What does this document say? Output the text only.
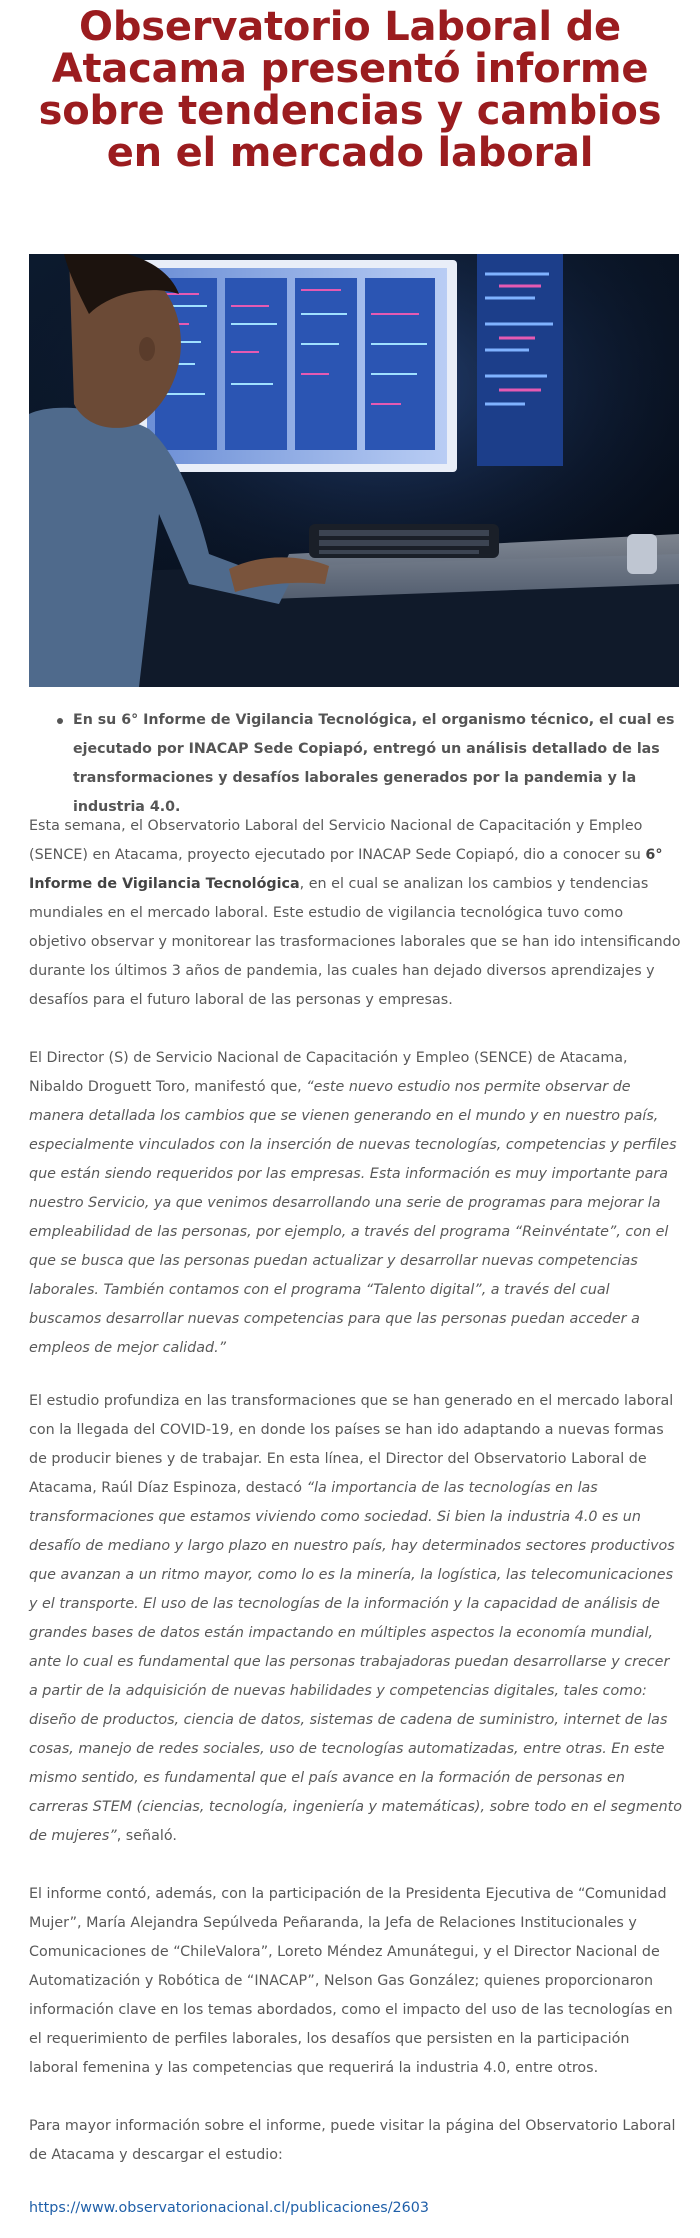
Observatorio Laboral de Atacama presentó informe sobre tendencias y cambios en el mercado laboral
En su 6° Informe de Vigilancia Tecnológica, el organismo técnico, el cual es ejecutado por INACAP Sede Copiapó, entregó un análisis detallado de las transformaciones y desafíos laborales generados por la pandemia y la industria 4.0.

Esta semana, el Observatorio Laboral del Servicio Nacional de Capacitación y Empleo (SENCE) en Atacama, proyecto ejecutado por INACAP Sede Copiapó, dio a conocer su 6° Informe de Vigilancia Tecnológica, en el cual se analizan los cambios y tendencias mundiales en el mercado laboral. Este estudio de vigilancia tecnológica tuvo como objetivo observar y monitorear las trasformaciones laborales que se han ido intensificando durante los últimos 3 años de pandemia, las cuales han dejado diversos aprendizajes y desafíos para el futuro laboral de las personas y empresas.

El Director (S) de Servicio Nacional de Capacitación y Empleo (SENCE) de Atacama, Nibaldo Droguett Toro, manifestó que, “este nuevo estudio nos permite observar de manera detallada los cambios que se vienen generando en el mundo y en nuestro país, especialmente vinculados con la inserción de nuevas tecnologías, competencias y perfiles que están siendo requeridos por las empresas. Esta información es muy importante para nuestro Servicio, ya que venimos desarrollando una serie de programas para mejorar la empleabilidad de las personas, por ejemplo, a través del programa “Reinvéntate”, con el que se busca que las personas puedan actualizar y desarrollar nuevas competencias laborales. También contamos con el programa “Talento digital”, a través del cual buscamos desarrollar nuevas competencias para que las personas puedan acceder a empleos de mejor calidad.”

El estudio profundiza en las transformaciones que se han generado en el mercado laboral con la llegada del COVID-19, en donde los países se han ido adaptando a nuevas formas de producir bienes y de trabajar. En esta línea, el Director del Observatorio Laboral de Atacama, Raúl Díaz Espinoza, destacó “la importancia de las tecnologías en las transformaciones que estamos viviendo como sociedad. Si bien la industria 4.0 es un desafío de mediano y largo plazo en nuestro país, hay determinados sectores productivos que avanzan a un ritmo mayor, como lo es la minería, la logística, las telecomunicaciones y el transporte. El uso de las tecnologías de la información y la capacidad de análisis de grandes bases de datos están impactando en múltiples aspectos la economía mundial, ante lo cual es fundamental que las personas trabajadoras puedan desarrollarse y crecer a partir de la adquisición de nuevas habilidades y competencias digitales, tales como: diseño de productos, ciencia de datos, sistemas de cadena de suministro, internet de las cosas, manejo de redes sociales, uso de tecnologías automatizadas, entre otras. En este mismo sentido, es fundamental que el país avance en la formación de personas en carreras STEM (ciencias, tecnología, ingeniería y matemáticas), sobre todo en el segmento de mujeres”, señaló.

El informe contó, además, con la participación de la Presidenta Ejecutiva de “Comunidad Mujer”, María Alejandra Sepúlveda Peñaranda, la Jefa de Relaciones Institucionales y Comunicaciones de “ChileValora”, Loreto Méndez Amunátegui, y el Director Nacional de Automatización y Robótica de “INACAP”, Nelson Gas González; quienes proporcionaron información clave en los temas abordados, como el impacto del uso de las tecnologías en el requerimiento de perfiles laborales, los desafíos que persisten en la participación laboral femenina y las competencias que requerirá la industria 4.0, entre otros.

Para mayor información sobre el informe, puede visitar la página del Observatorio Laboral de Atacama y descargar el estudio:

https://www.observatorionacional.cl/publicaciones/2603
